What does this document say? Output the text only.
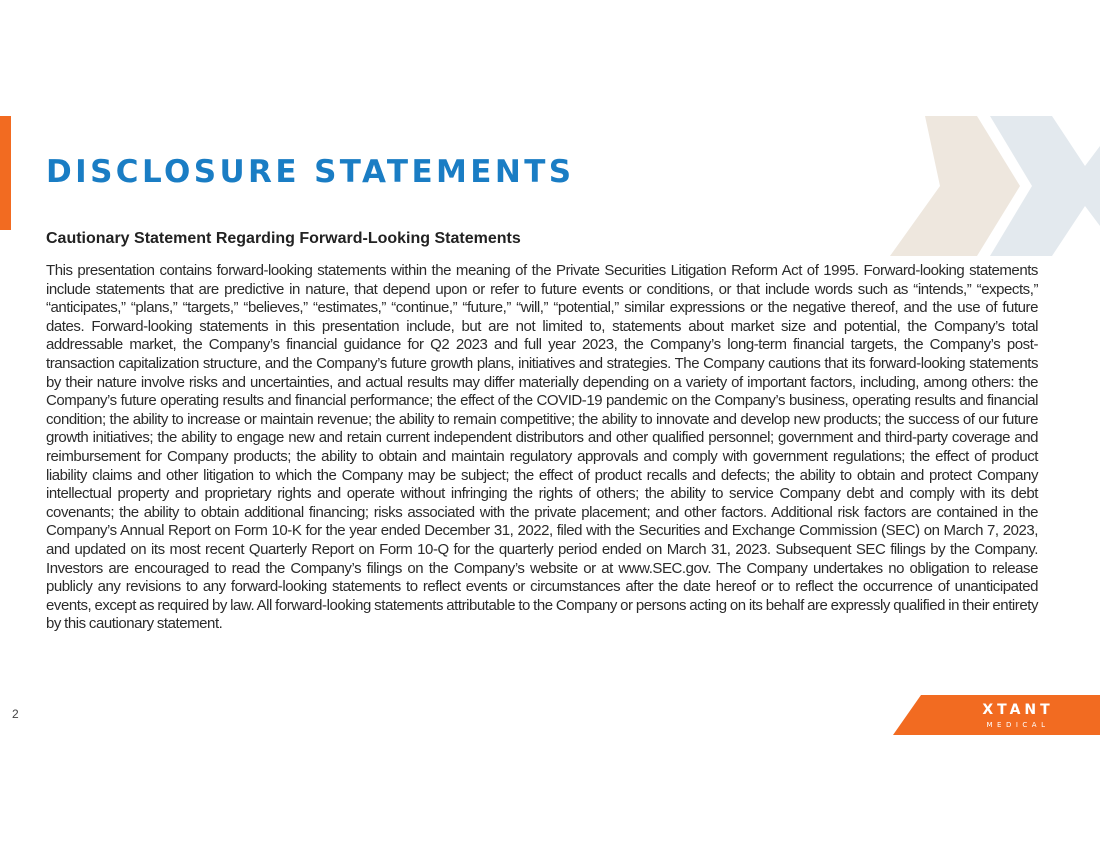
DISCLOSURE STATEMENTS
Cautionary Statement Regarding Forward-Looking Statements

This presentation contains forward-looking statements within the meaning of the Private Securities Litigation Reform Act of 1995. Forward-looking statements include statements that are predictive in nature, that depend upon or refer to future events or conditions, or that include words such as “intends,” “expects,” “anticipates,” “plans,” “targets,” “believes,” “estimates,” “continue,” “future,” “will,” “potential,” similar expressions or the negative thereof, and the use of future dates. Forward-looking statements in this presentation include, but are not limited to, statements about market size and potential, the Company’s total addressable market, the Company’s financial guidance for Q2 2023 and full year 2023, the Company’s long-term financial targets, the Company’s post-transaction capitalization structure, and the Company’s future growth plans, initiatives and strategies. The Company cautions that its forward-looking statements by their nature involve risks and uncertainties, and actual results may differ materially depending on a variety of important factors, including, among others: the Company’s future operating results and financial performance; the effect of the COVID-19 pandemic on the Company’s business, operating results and financial condition; the ability to increase or maintain revenue; the ability to remain competitive; the ability to innovate and develop new products; the success of our future growth initiatives; the ability to engage new and retain current independent distributors and other qualified personnel; government and third-party coverage and reimbursement for Company products; the ability to obtain and maintain regulatory approvals and comply with government regulations; the effect of product liability claims and other litigation to which the Company may be subject; the effect of product recalls and defects; the ability to obtain and protect Company intellectual property and proprietary rights and operate without infringing the rights of others; the ability to service Company debt and comply with its debt covenants; the ability to obtain additional financing; risks associated with the private placement; and other factors. Additional risk factors are contained in the Company’s Annual Report on Form 10-K for the year ended December 31, 2022, filed with the Securities and Exchange Commission (SEC) on March 7, 2023, and updated on its most recent Quarterly Report on Form 10-Q for the quarterly period ended on March 31, 2023. Subsequent SEC filings by the Company. Investors are encouraged to read the Company’s filings on the Company’s website or at www.SEC.gov. The Company undertakes no obligation to release publicly any revisions to any forward-looking statements to reflect events or circumstances after the date hereof or to reflect the occurrence of unanticipated events, except as required by law. All forward-looking statements attributable to the Company or persons acting on its behalf are expressly qualified in their entirety by this cautionary statement.

2	XTANT
MEDICAL
